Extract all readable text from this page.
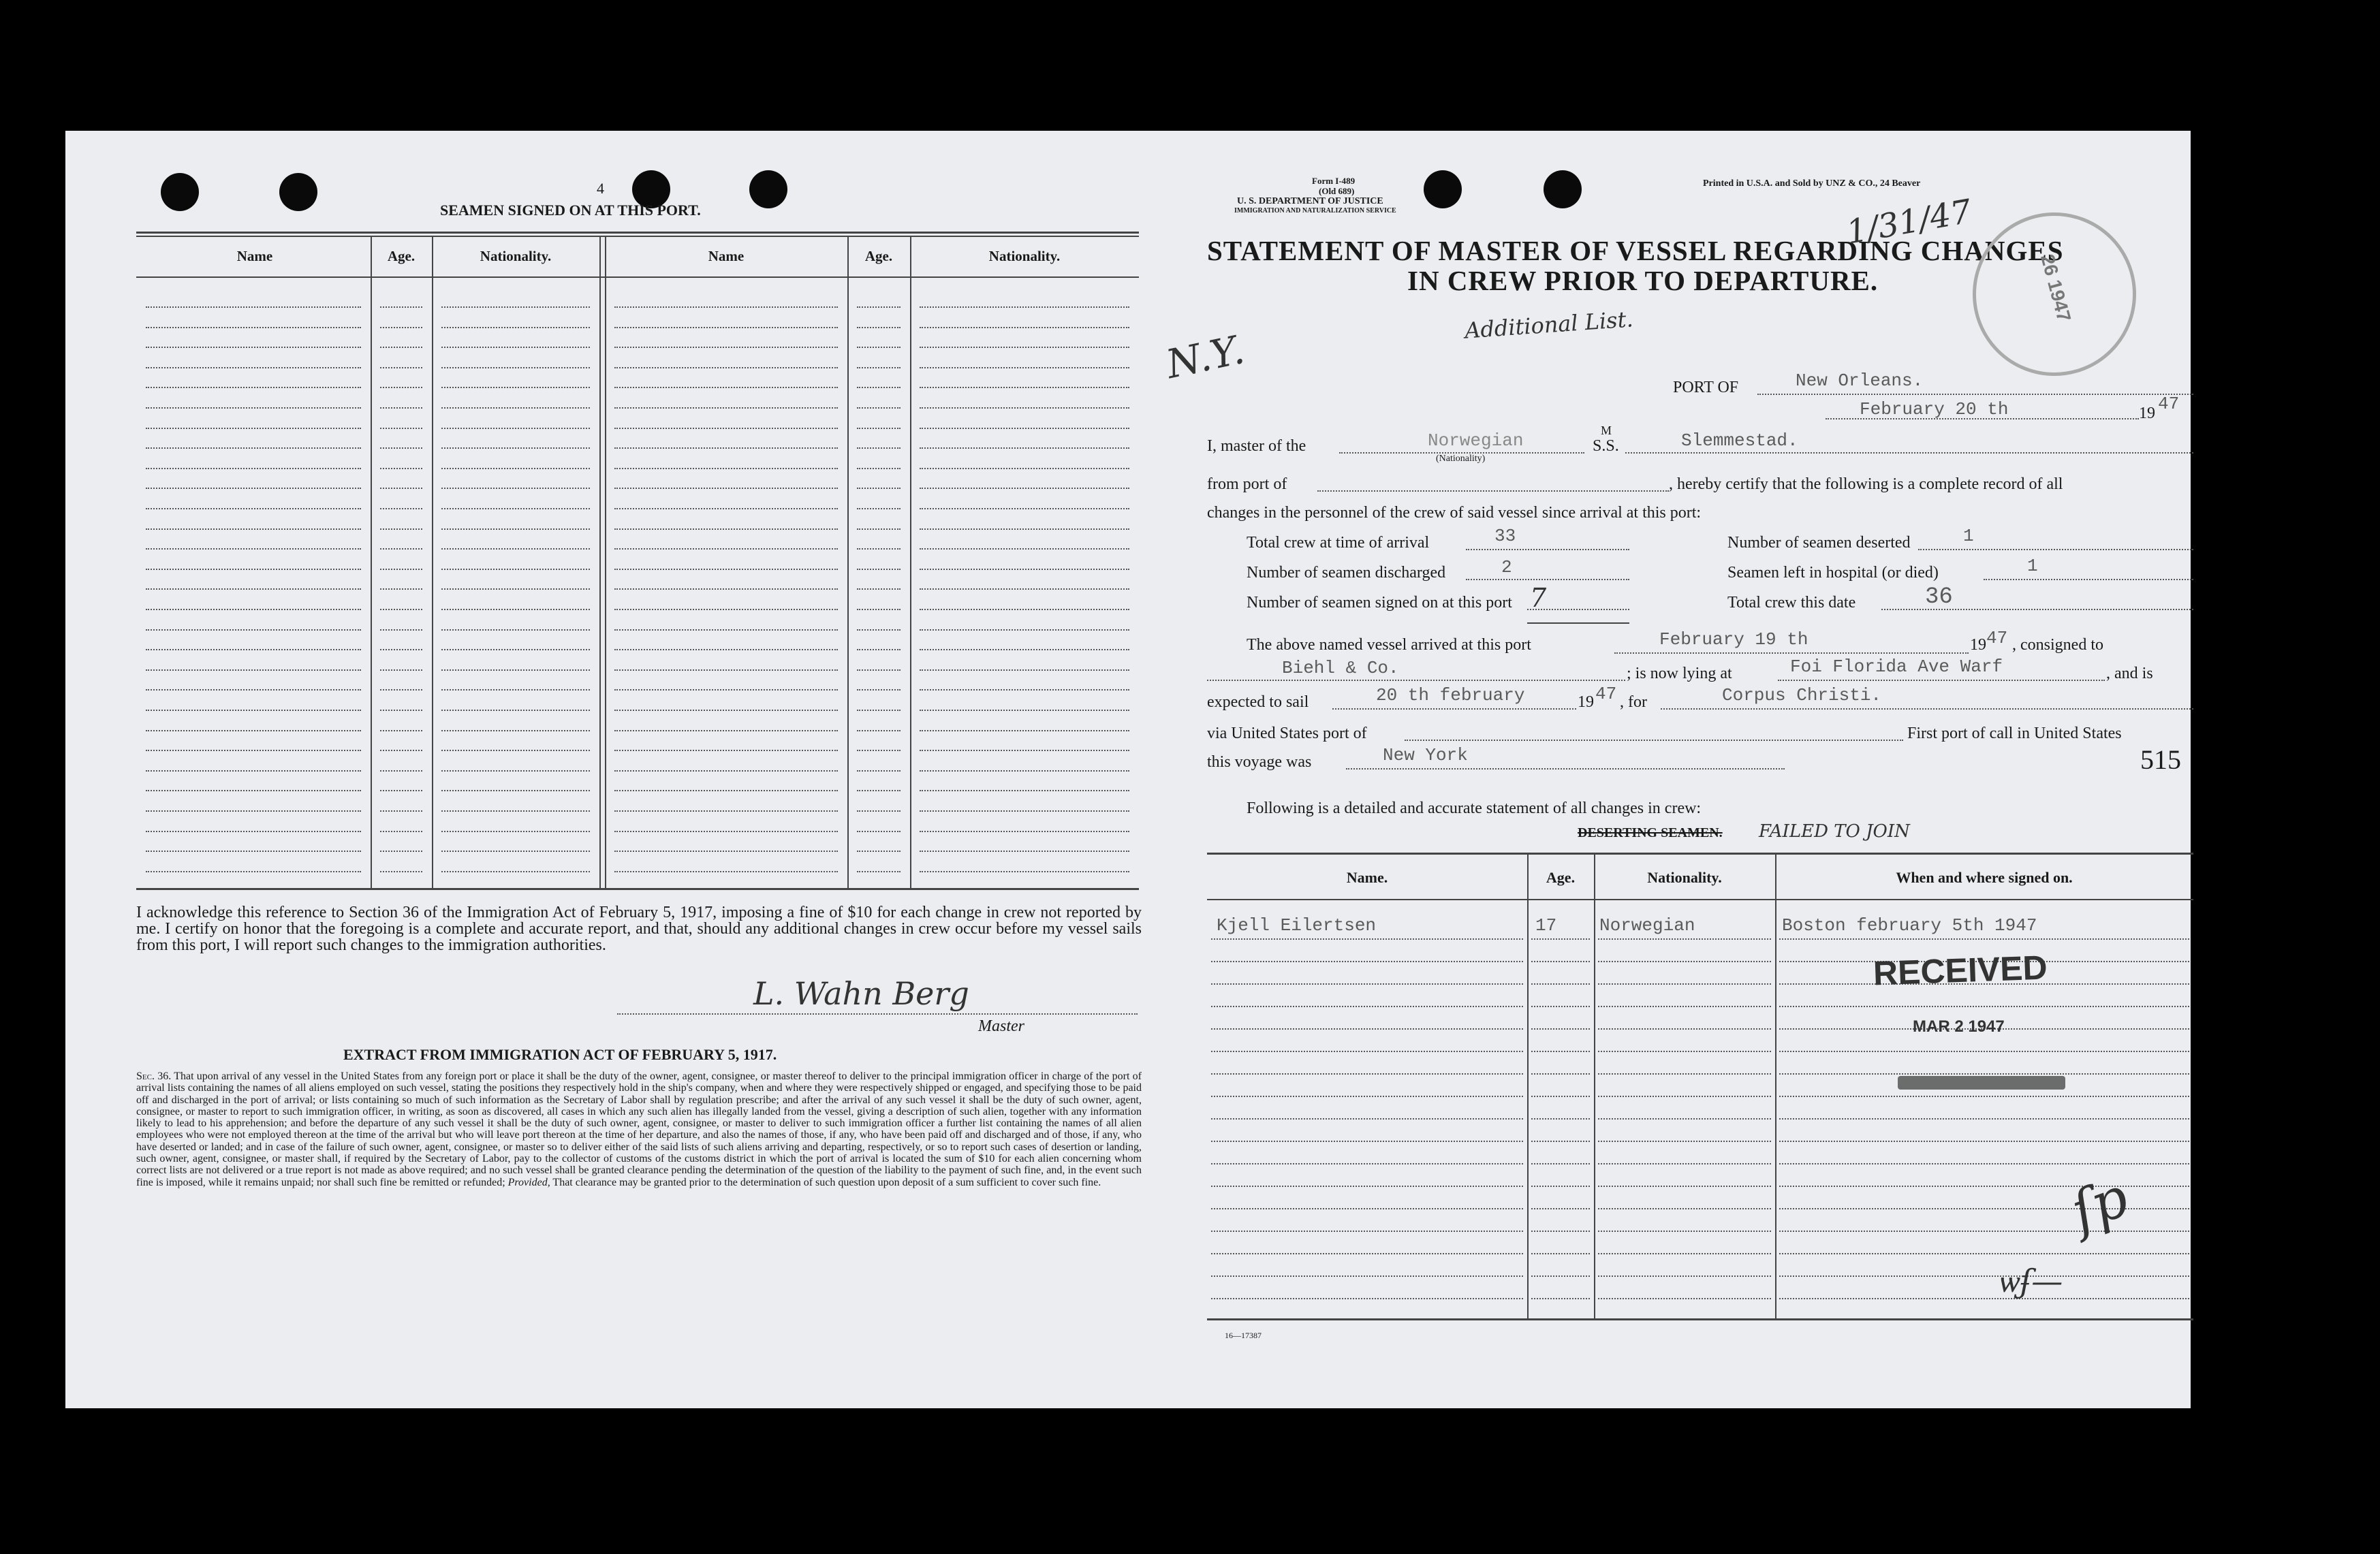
4
SEAMEN SIGNED ON AT THIS PORT.
Name	Age.	Nationality.	Name	Age.	Nationality.
I acknowledge this reference to Section 36 of the Immigration Act of February 5, 1917, imposing a fine of $10 for each change in crew not reported by me. I certify on honor that the foregoing is a complete and accurate report, and that, should any additional changes in crew occur before my vessel sails from this port, I will report such changes to the immigration authorities.
L. Wahn Berg
Master
EXTRACT FROM IMMIGRATION ACT OF FEBRUARY 5, 1917.
Sec. 36. That upon arrival of any vessel in the United States from any foreign port or place it shall be the duty of the owner, agent, consignee, or master thereof to deliver to the principal immigration officer in charge of the port of arrival lists containing the names of all aliens employed on such vessel, stating the positions they respectively hold in the ship's company, when and where they were respectively shipped or engaged, and specifying those to be paid off and discharged in the port of arrival; or lists containing so much of such information as the Secretary of Labor shall by regulation prescribe; and after the arrival of any such vessel it shall be the duty of such owner, agent, consignee, or master to report to such immigration officer, in writing, as soon as discovered, all cases in which any such alien has illegally landed from the vessel, giving a description of such alien, together with any information likely to lead to his apprehension; and before the departure of any such vessel it shall be the duty of such owner, agent, consignee, or master to deliver to such immigration officer a further list containing the names of all alien employees who were not employed thereon at the time of the arrival but who will leave port thereon at the time of her departure, and also the names of those, if any, who have been paid off and discharged and of those, if any, who have deserted or landed; and in case of the failure of such owner, agent, consignee, or master so to deliver either of the said lists of such aliens arriving and departing, respectively, or so to report such cases of desertion or landing, such owner, agent, consignee, or master shall, if required by the Secretary of Labor, pay to the collector of customs of the customs district in which the port of arrival is located the sum of $10 for each alien concerning whom correct lists are not delivered or a true report is not made as above required; and no such vessel shall be granted clearance pending the determination of the question of the liability to the payment of such fine, and, in the event such fine is imposed, while it remains unpaid; nor shall such fine be remitted or refunded; Provided, That clearance may be granted prior to the determination of such question upon deposit of a sum sufficient to cover such fine.
Form I-489
(Old 689)
U. S. DEPARTMENT OF JUSTICE
IMMIGRATION AND NATURALIZATION SERVICE
Printed in U.S.A. and Sold by UNZ & CO., 24 Beaver
STATEMENT OF MASTER OF VESSEL REGARDING CHANGES
IN CREW PRIOR TO DEPARTURE.
1/31/47
N.Y.
Additional List.
26 1947
PORT OF	New Orleans.
February 20 th	19 47
I, master of the	Norwegian
(Nationality)
M
S.S.	Slemmestad.
from port of	, hereby certify that the following is a complete record of all
changes in the personnel of the crew of said vessel since arrival at this port:
Total crew at time of arrival	33	Number of seamen deserted	1
Number of seamen discharged	2	Seamen left in hospital (or died)	1
Number of seamen signed on at this port 7	Total crew this date	36
The above named vessel arrived at this port	February 19 th	19 47 , consigned to
Biehl & Co.	; is now lying at	Foi Florida Ave Warf	, and is
expected to sail	20 th february	19 47 , for	Corpus Christi.
via United States port of	First port of call in United States
this voyage was	New York	515
Following is a detailed and accurate statement of all changes in crew:
DESERTING SEAMEN. FAILED TO JOIN
Name.	Age.	Nationality.	When and where signed on.
Kjell Eilertsen	17 Norwegian	Boston february 5th 1947
RECEIVED
MAR 2 1947
ſp
ѡʄ—
16—17387
